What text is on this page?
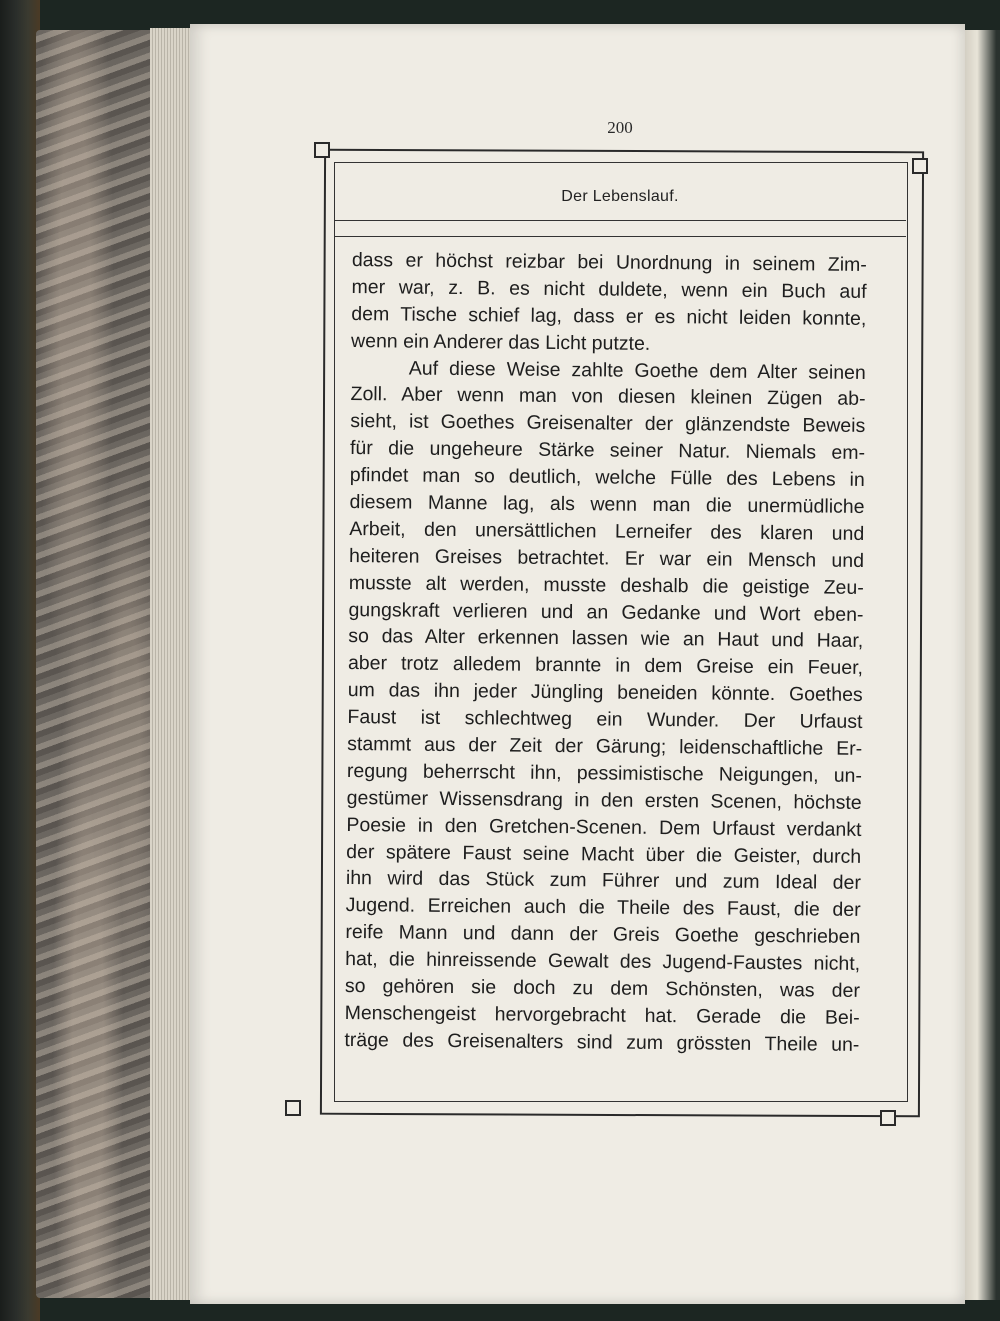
200
Der Lebenslauf.
dass er höchst reizbar bei Unordnung in seinem Zim-
mer war, z. B. es nicht duldete, wenn ein Buch auf
dem Tische schief lag, dass er es nicht leiden konnte,
wenn ein Anderer das Licht putzte.
Auf diese Weise zahlte Goethe dem Alter seinen
Zoll. Aber wenn man von diesen kleinen Zügen ab-
sieht, ist Goethes Greisenalter der glänzendste Beweis
für die ungeheure Stärke seiner Natur. Niemals em-
pfindet man so deutlich, welche Fülle des Lebens in
diesem Manne lag, als wenn man die unermüdliche
Arbeit, den unersättlichen Lerneifer des klaren und
heiteren Greises betrachtet. Er war ein Mensch und
musste alt werden, musste deshalb die geistige Zeu-
gungskraft verlieren und an Gedanke und Wort eben-
so das Alter erkennen lassen wie an Haut und Haar,
aber trotz alledem brannte in dem Greise ein Feuer,
um das ihn jeder Jüngling beneiden könnte. Goethes
Faust ist schlechtweg ein Wunder. Der Urfaust
stammt aus der Zeit der Gärung; leidenschaftliche Er-
regung beherrscht ihn, pessimistische Neigungen, un-
gestümer Wissensdrang in den ersten Scenen, höchste
Poesie in den Gretchen-Scenen. Dem Urfaust verdankt
der spätere Faust seine Macht über die Geister, durch
ihn wird das Stück zum Führer und zum Ideal der
Jugend. Erreichen auch die Theile des Faust, die der
reife Mann und dann der Greis Goethe geschrieben
hat, die hinreissende Gewalt des Jugend-Faustes nicht,
so gehören sie doch zu dem Schönsten, was der
Menschengeist hervorgebracht hat. Gerade die Bei-
träge des Greisenalters sind zum grössten Theile un-
